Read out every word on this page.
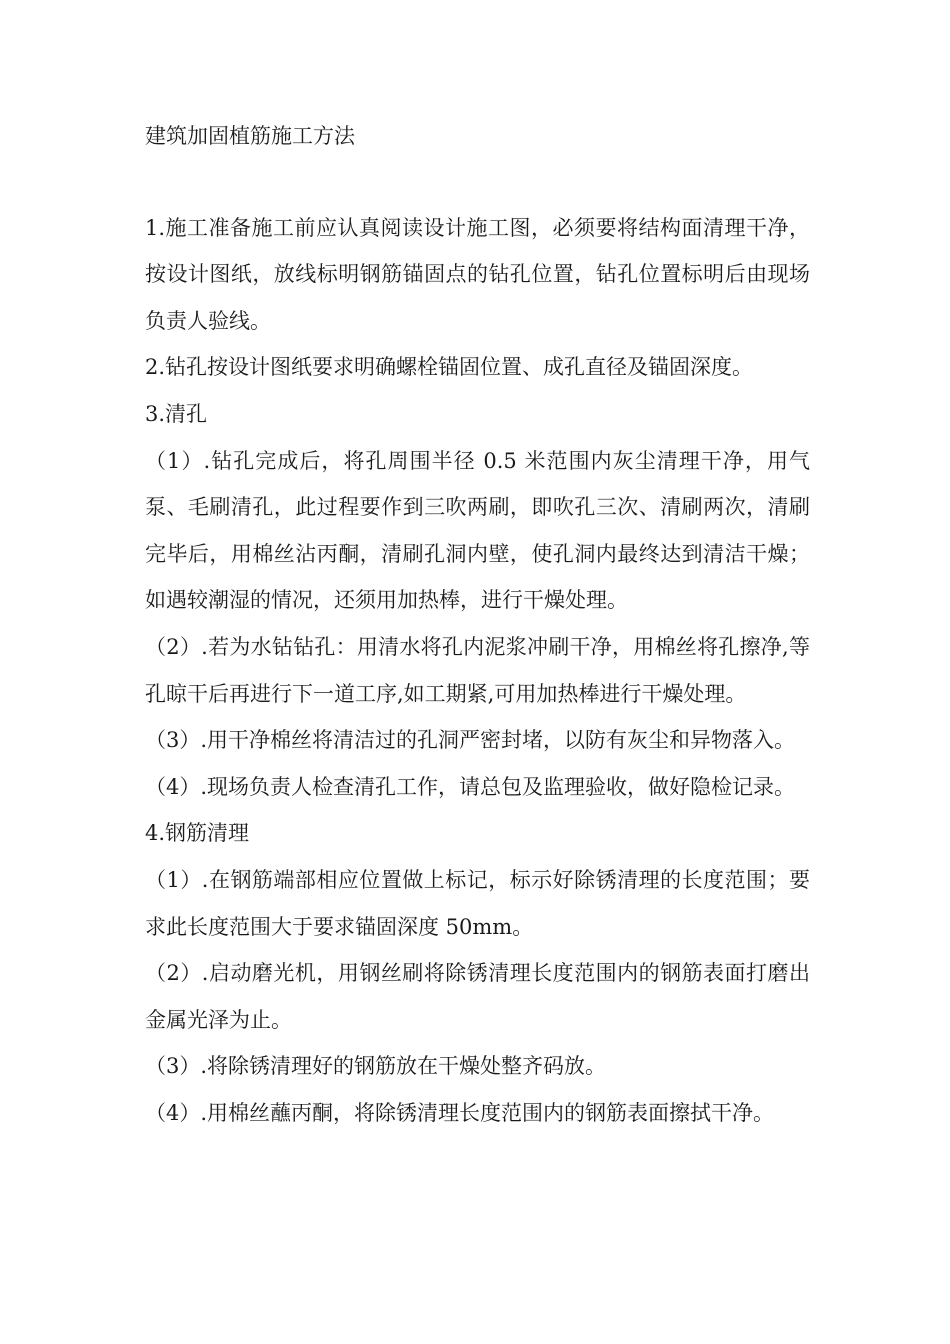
建筑加固植筋施工方法

1.施工准备施工前应认真阅读设计施工图，必须要将结构面清理干净，按设计图纸，放线标明钢筋锚固点的钻孔位置，钻孔位置标明后由现场负责人验线。

2.钻孔按设计图纸要求明确螺栓锚固位置、成孔直径及锚固深度。

3.清孔

（1）.钻孔完成后，将孔周围半径 0.5 米范围内灰尘清理干净，用气泵、毛刷清孔，此过程要作到三吹两刷，即吹孔三次、清刷两次，清刷完毕后，用棉丝沾丙酮，清刷孔洞内壁，使孔洞内最终达到清洁干燥；如遇较潮湿的情况，还须用加热棒，进行干燥处理。

（2）.若为水钻钻孔：用清水将孔内泥浆冲刷干净，用棉丝将孔擦净,等孔晾干后再进行下一道工序,如工期紧,可用加热棒进行干燥处理。

（3）.用干净棉丝将清洁过的孔洞严密封堵，以防有灰尘和异物落入。

（4）.现场负责人检查清孔工作，请总包及监理验收，做好隐检记录。

4.钢筋清理

（1）.在钢筋端部相应位置做上标记，标示好除锈清理的长度范围；要求此长度范围大于要求锚固深度 50mm。

（2）.启动磨光机，用钢丝刷将除锈清理长度范围内的钢筋表面打磨出金属光泽为止。

（3）.将除锈清理好的钢筋放在干燥处整齐码放。

（4）.用棉丝蘸丙酮，将除锈清理长度范围内的钢筋表面擦拭干净。
